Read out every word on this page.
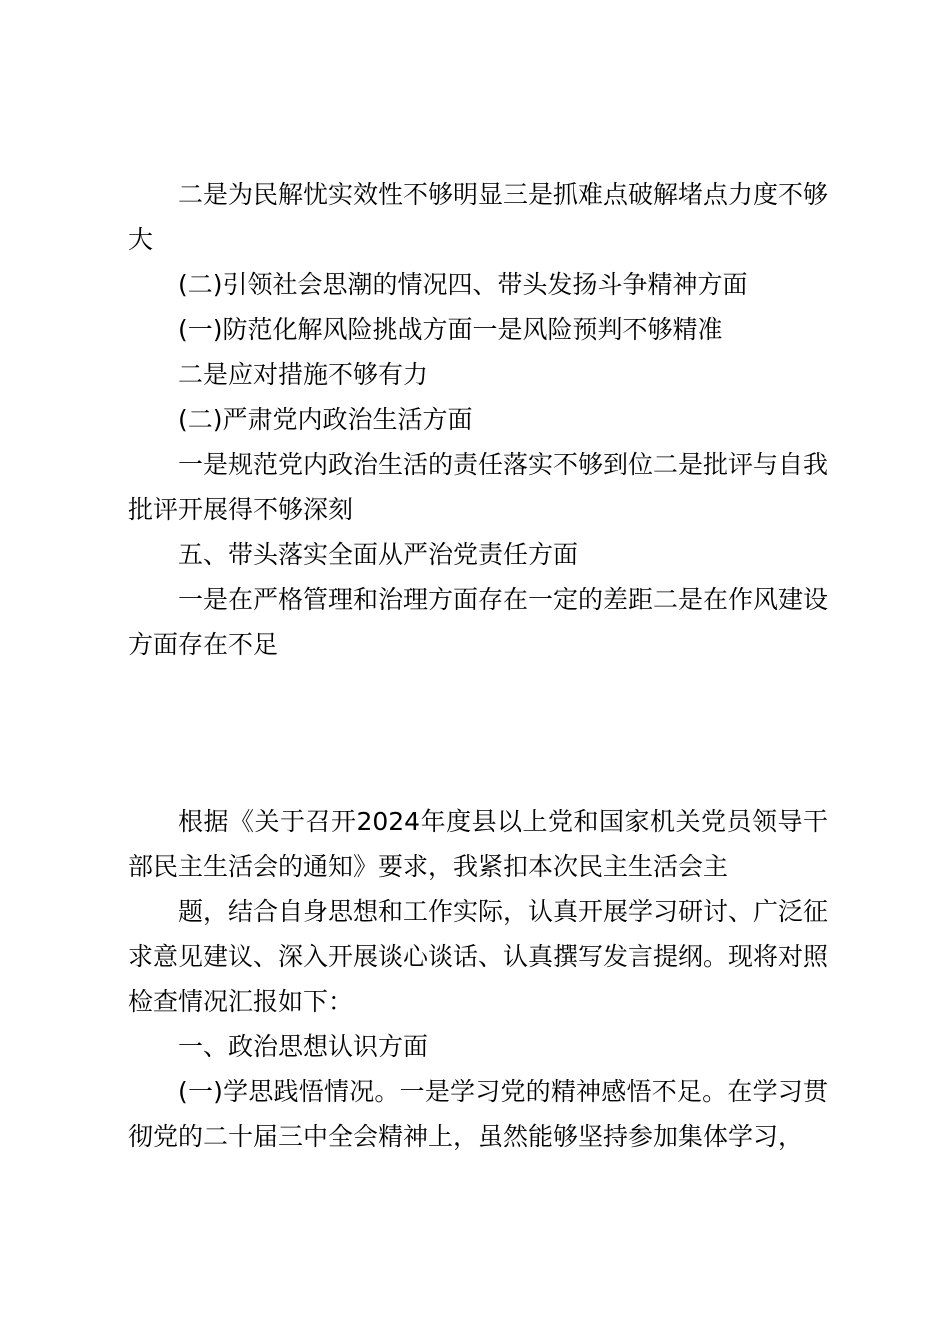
二是为民解忧实效性不够明显三是抓难点破解堵点力度不够大

(二)引领社会思潮的情况四、带头发扬斗争精神方面

(一)防范化解风险挑战方面一是风险预判不够精准

二是应对措施不够有力

(二)严肃党内政治生活方面

一是规范党内政治生活的责任落实不够到位二是批评与自我批评开展得不够深刻

五、带头落实全面从严治党责任方面

一是在严格管理和治理方面存在一定的差距二是在作风建设方面存在不足

根据《关于召开2024年度县以上党和国家机关党员领导干部民主生活会的通知》要求，我紧扣本次民主生活会主

题，结合自身思想和工作实际，认真开展学习研讨、广泛征求意见建议、深入开展谈心谈话、认真撰写发言提纲。现将对照检查情况汇报如下：

一、政治思想认识方面

(一)学思践悟情况。一是学习党的精神感悟不足。在学习贯彻党的二十届三中全会精神上，虽然能够坚持参加集体学习，
